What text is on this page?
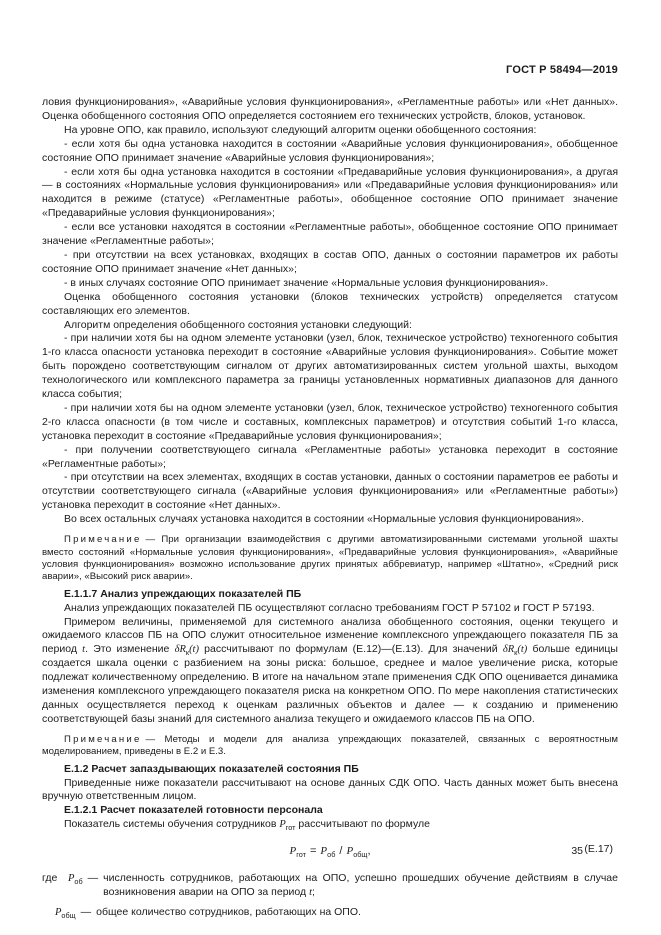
ГОСТ Р 58494—2019

ловия функционирования», «Аварийные условия функционирования», «Регламентные работы» или «Нет данных». Оценка обобщенного состояния ОПО определяется состоянием его технических устройств, блоков, установок.

На уровне ОПО, как правило, используют следующий алгоритм оценки обобщенного состояния:

- если хотя бы одна установка находится в состоянии «Аварийные условия функционирования», обобщенное состояние ОПО принимает значение «Аварийные условия функционирования»;

- если хотя бы одна установка находится в состоянии «Предаварийные условия функционирования», а другая — в состояниях «Нормальные условия функционирования» или «Предаварийные условия функционирования» или находится в режиме (статусе) «Регламентные работы», обобщенное состояние ОПО принимает значение «Предаварийные условия функционирования»;

- если все установки находятся в состоянии «Регламентные работы», обобщенное состояние ОПО принимает значение «Регламентные работы»;

- при отсутствии на всех установках, входящих в состав ОПО, данных о состоянии параметров их работы состояние ОПО принимает значение «Нет данных»;

- в иных случаях состояние ОПО принимает значение «Нормальные условия функционирования».

Оценка обобщенного состояния установки (блоков технических устройств) определяется статусом составляющих его элементов.

Алгоритм определения обобщенного состояния установки следующий:

- при наличии хотя бы на одном элементе установки (узел, блок, техническое устройство) техногенного события 1-го класса опасности установка переходит в состояние «Аварийные условия функционирования». Событие может быть порождено соответствующим сигналом от других автоматизированных систем угольной шахты, выходом технологического или комплексного параметра за границы установленных нормативных диапазонов для данного класса события;

- при наличии хотя бы на одном элементе установки (узел, блок, техническое устройство) техногенного события 2-го класса опасности (в том числе и составных, комплексных параметров) и отсутствия событий 1-го класса, установка переходит в состояние «Предаварийные условия функционирования»;

- при получении соответствующего сигнала «Регламентные работы» установка переходит в состояние «Регламентные работы»;

- при отсутствии на всех элементах, входящих в состав установки, данных о состоянии параметров ее работы и отсутствии соответствующего сигнала («Аварийные условия функционирования» или «Регламентные работы») установка переходит в состояние «Нет данных».

Во всех остальных случаях установка находится в состоянии «Нормальные условия функционирования».

Примечание — При организации взаимодействия с другими автоматизированными системами угольной шахты вместо состояний «Нормальные условия функционирования», «Предаварийные условия функционирования», «Аварийные условия функционирования» возможно использование других принятых аббревиатур, например «Штатно», «Средний риск аварии», «Высокий риск аварии».

Е.1.1.7 Анализ упреждающих показателей ПБ

Анализ упреждающих показателей ПБ осуществляют согласно требованиям ГОСТ Р 57102 и ГОСТ Р 57193.

Примером величины, применяемой для системного анализа обобщенного состояния, оценки текущего и ожидаемого классов ПБ на ОПО служит относительное изменение комплексного упреждающего показателя ПБ за период t. Это изменение $\delta R_к(t)$ рассчитывают по формулам (Е.12)—(Е.13). Для значений $\delta R_к(t)$ больше единицы создается шкала оценки с разбиением на зоны риска: большое, среднее и малое увеличение риска, которые подлежат количественному определению. В итоге на начальном этапе применения СДК ОПО оценивается динамика изменения комплексного упреждающего показателя риска на конкретном ОПО. По мере накопления статистических данных осуществляется переход к оценкам различных объектов и далее — к созданию и применению соответствующей базы знаний для системного анализа текущего и ожидаемого классов ПБ на ОПО.

Примечание — Методы и модели для анализа упреждающих показателей, связанных с вероятностным моделированием, приведены в Е.2 и Е.3.

Е.1.2 Расчет запаздывающих показателей состояния ПБ

Приведенные ниже показатели рассчитывают на основе данных СДК ОПО. Часть данных может быть внесена вручную ответственным лицом.

Е.1.2.1 Расчет показателей готовности персонала

Показатель системы обучения сотрудников $P_{гот}$ рассчитывают по формуле

$P_{гот} = P_{об} / P_{общ}$,	(Е.17)
где	$P_{об}$ — численность сотрудников, работающих на ОПО, успешно прошедших обучение действиям в случае возникновения аварии на ОПО за период t;
$P_{общ}$ — общее количество сотрудников, работающих на ОПО.
35
